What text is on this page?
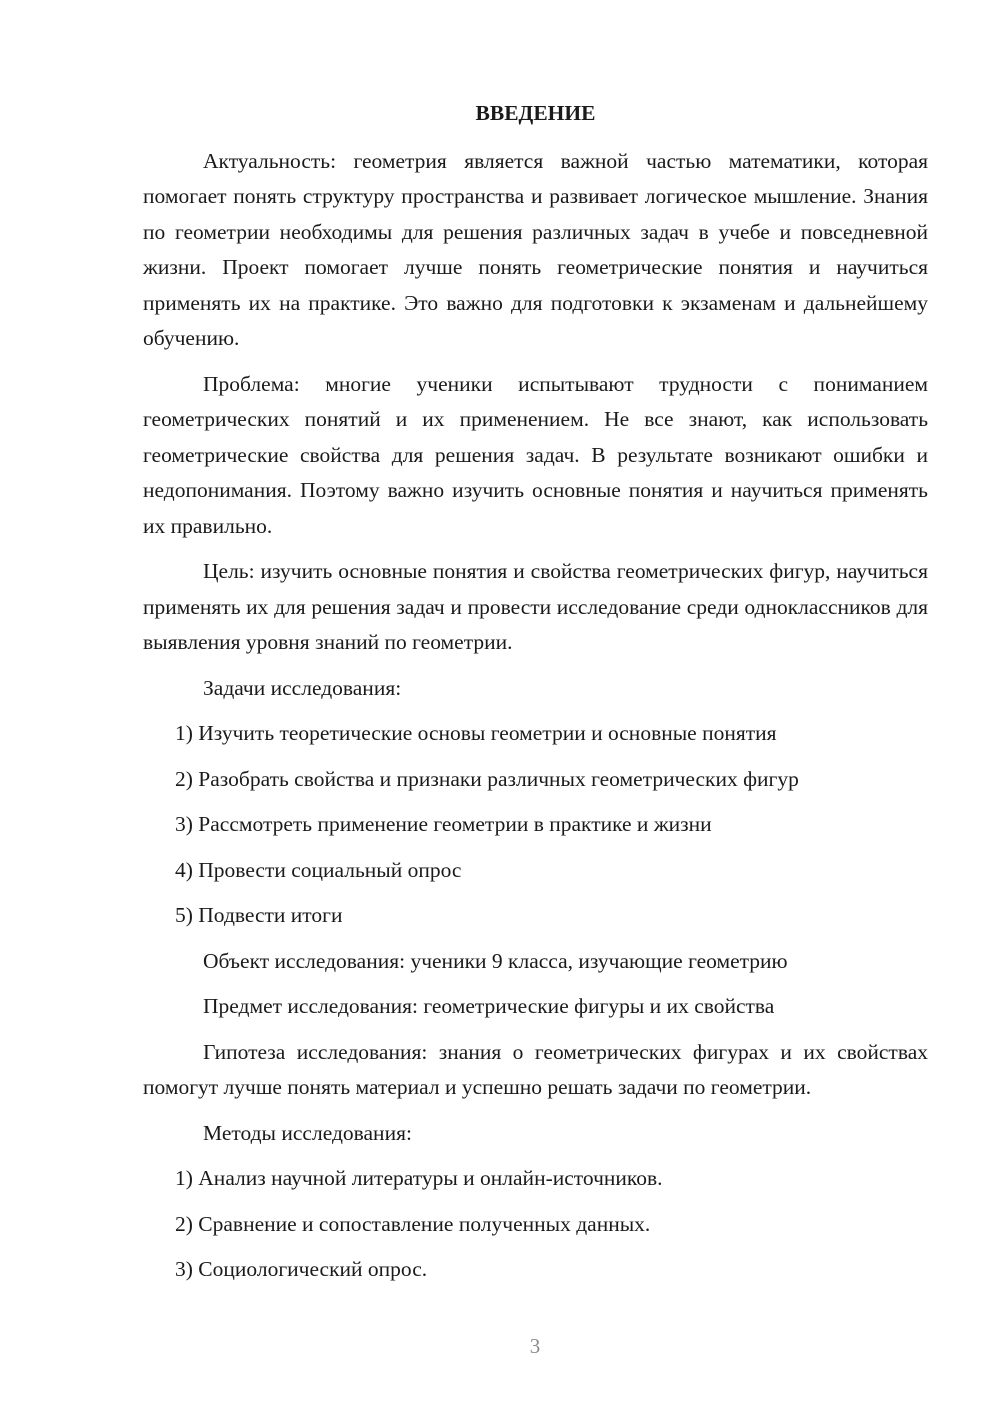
ВВЕДЕНИЕ
Актуальность: геометрия является важной частью математики, которая помогает понять структуру пространства и развивает логическое мышление. Знания по геометрии необходимы для решения различных задач в учебе и повседневной жизни. Проект помогает лучше понять геометрические понятия и научиться применять их на практике. Это важно для подготовки к экзаменам и дальнейшему обучению.
Проблема: многие ученики испытывают трудности с пониманием геометрических понятий и их применением. Не все знают, как использовать геометрические свойства для решения задач. В результате возникают ошибки и недопонимания. Поэтому важно изучить основные понятия и научиться применять их правильно.
Цель: изучить основные понятия и свойства геометрических фигур, научиться применять их для решения задач и провести исследование среди одноклассников для выявления уровня знаний по геометрии.
Задачи исследования:
1) Изучить теоретические основы геометрии и основные понятия
2) Разобрать свойства и признаки различных геометрических фигур
3) Рассмотреть применение геометрии в практике и жизни
4) Провести социальный опрос
5) Подвести итоги
Объект исследования: ученики 9 класса, изучающие геометрию
Предмет исследования: геометрические фигуры и их свойства
Гипотеза исследования: знания о геометрических фигурах и их свойствах помогут лучше понять материал и успешно решать задачи по геометрии.
Методы исследования:
1) Анализ научной литературы и онлайн-источников.
2) Сравнение и сопоставление полученных данных.
3) Социологический опрос.
3
